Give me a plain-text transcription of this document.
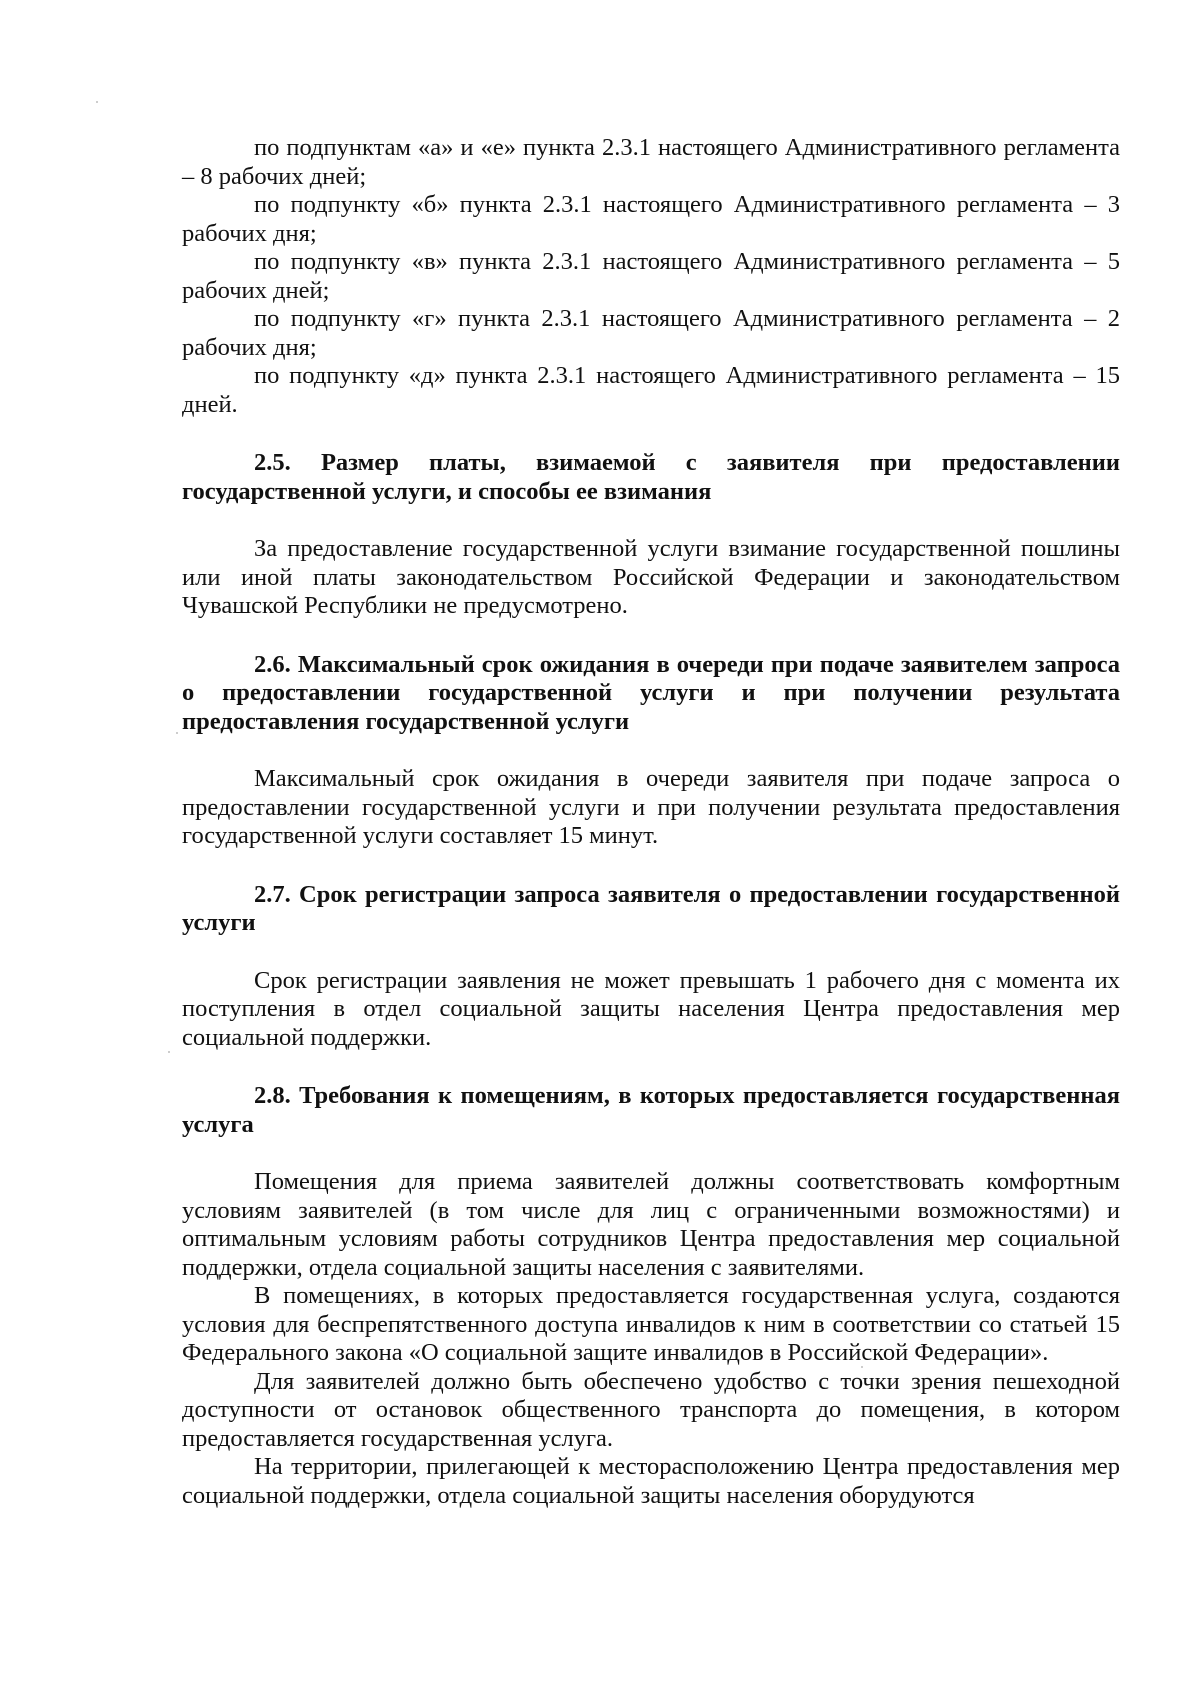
по подпунктам «а» и «е» пункта 2.3.1 настоящего Административного регламента – 8 рабочих дней;

по подпункту «б» пункта 2.3.1 настоящего Административного регламента – 3 рабочих дня;

по подпункту «в» пункта 2.3.1 настоящего Административного регламента – 5 рабочих дней;

по подпункту «г» пункта 2.3.1 настоящего Административного регламента – 2 рабочих дня;

по подпункту «д» пункта 2.3.1 настоящего Административного регламента – 15 дней.

2.5. Размер платы, взимаемой с заявителя при предоставлении государственной услуги, и способы ее взимания

За предоставление государственной услуги взимание государственной пошлины или иной платы законодательством Российской Федерации и законодательством Чувашской Республики не предусмотрено.

2.6. Максимальный срок ожидания в очереди при подаче заявителем запроса о предоставлении государственной услуги и при получении результата предоставления государственной услуги

Максимальный срок ожидания в очереди заявителя при подаче запроса о предоставлении государственной услуги и при получении результата предоставления государственной услуги составляет 15 минут.

2.7. Срок регистрации запроса заявителя о предоставлении государственной услуги

Срок регистрации заявления не может превышать 1 рабочего дня с момента их поступления в отдел социальной защиты населения Центра предоставления мер социальной поддержки.

2.8. Требования к помещениям, в которых предоставляется государственная услуга

Помещения для приема заявителей должны соответствовать комфортным условиям заявителей (в том числе для лиц с ограниченными возможностями) и оптимальным условиям работы сотрудников Центра предоставления мер социальной поддержки, отдела социальной защиты населения с заявителями.

В помещениях, в которых предоставляется государственная услуга, создаются условия для беспрепятственного доступа инвалидов к ним в соответствии со статьей 15 Федерального закона «О социальной защите инвалидов в Российской Федерации».

Для заявителей должно быть обеспечено удобство с точки зрения пешеходной доступности от остановок общественного транспорта до помещения, в котором предоставляется государственная услуга.

На территории, прилегающей к месторасположению Центра предоставления мер социальной поддержки, отдела социальной защиты населения оборудуются
